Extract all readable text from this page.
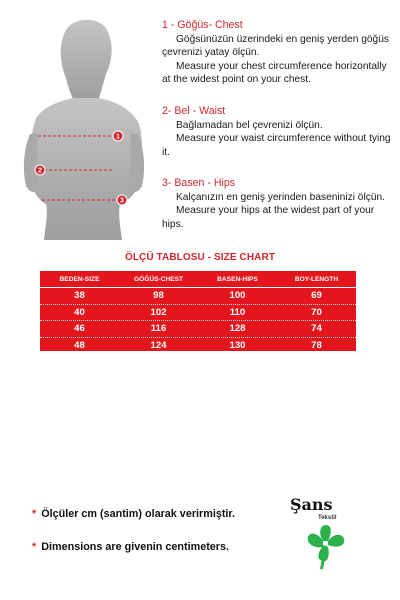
1
2
3
1 - Göğüs- Chest
Göğsünüzün üzerindeki en geniş yerden göğüs çevrenizi yatay ölçün.
Measure your chest circumference horizontally at the widest point on your chest.
2- Bel - Waist
Bağlamadan bel çevrenizi ölçün.
Measure your waist circumference without tying it.
3- Basen - Hips
Kalçanızın en geniş yerinden baseninizi ölçün.
Measure your hips at the widest part of your hips.
ÖLÇÜ TABLOSU - SIZE CHART
BEDEN-SIZE	GÖĞÜS-CHEST	BASEN-HIPS	BOY-LENGTH
38	98	100	69
40	102	110	70
46	116	128	74
48	124	130	78
* Ölçüler cm (santim) olarak verirmiştir.
* Dimensions are givenin centimeters.
Şans
Tekstil
